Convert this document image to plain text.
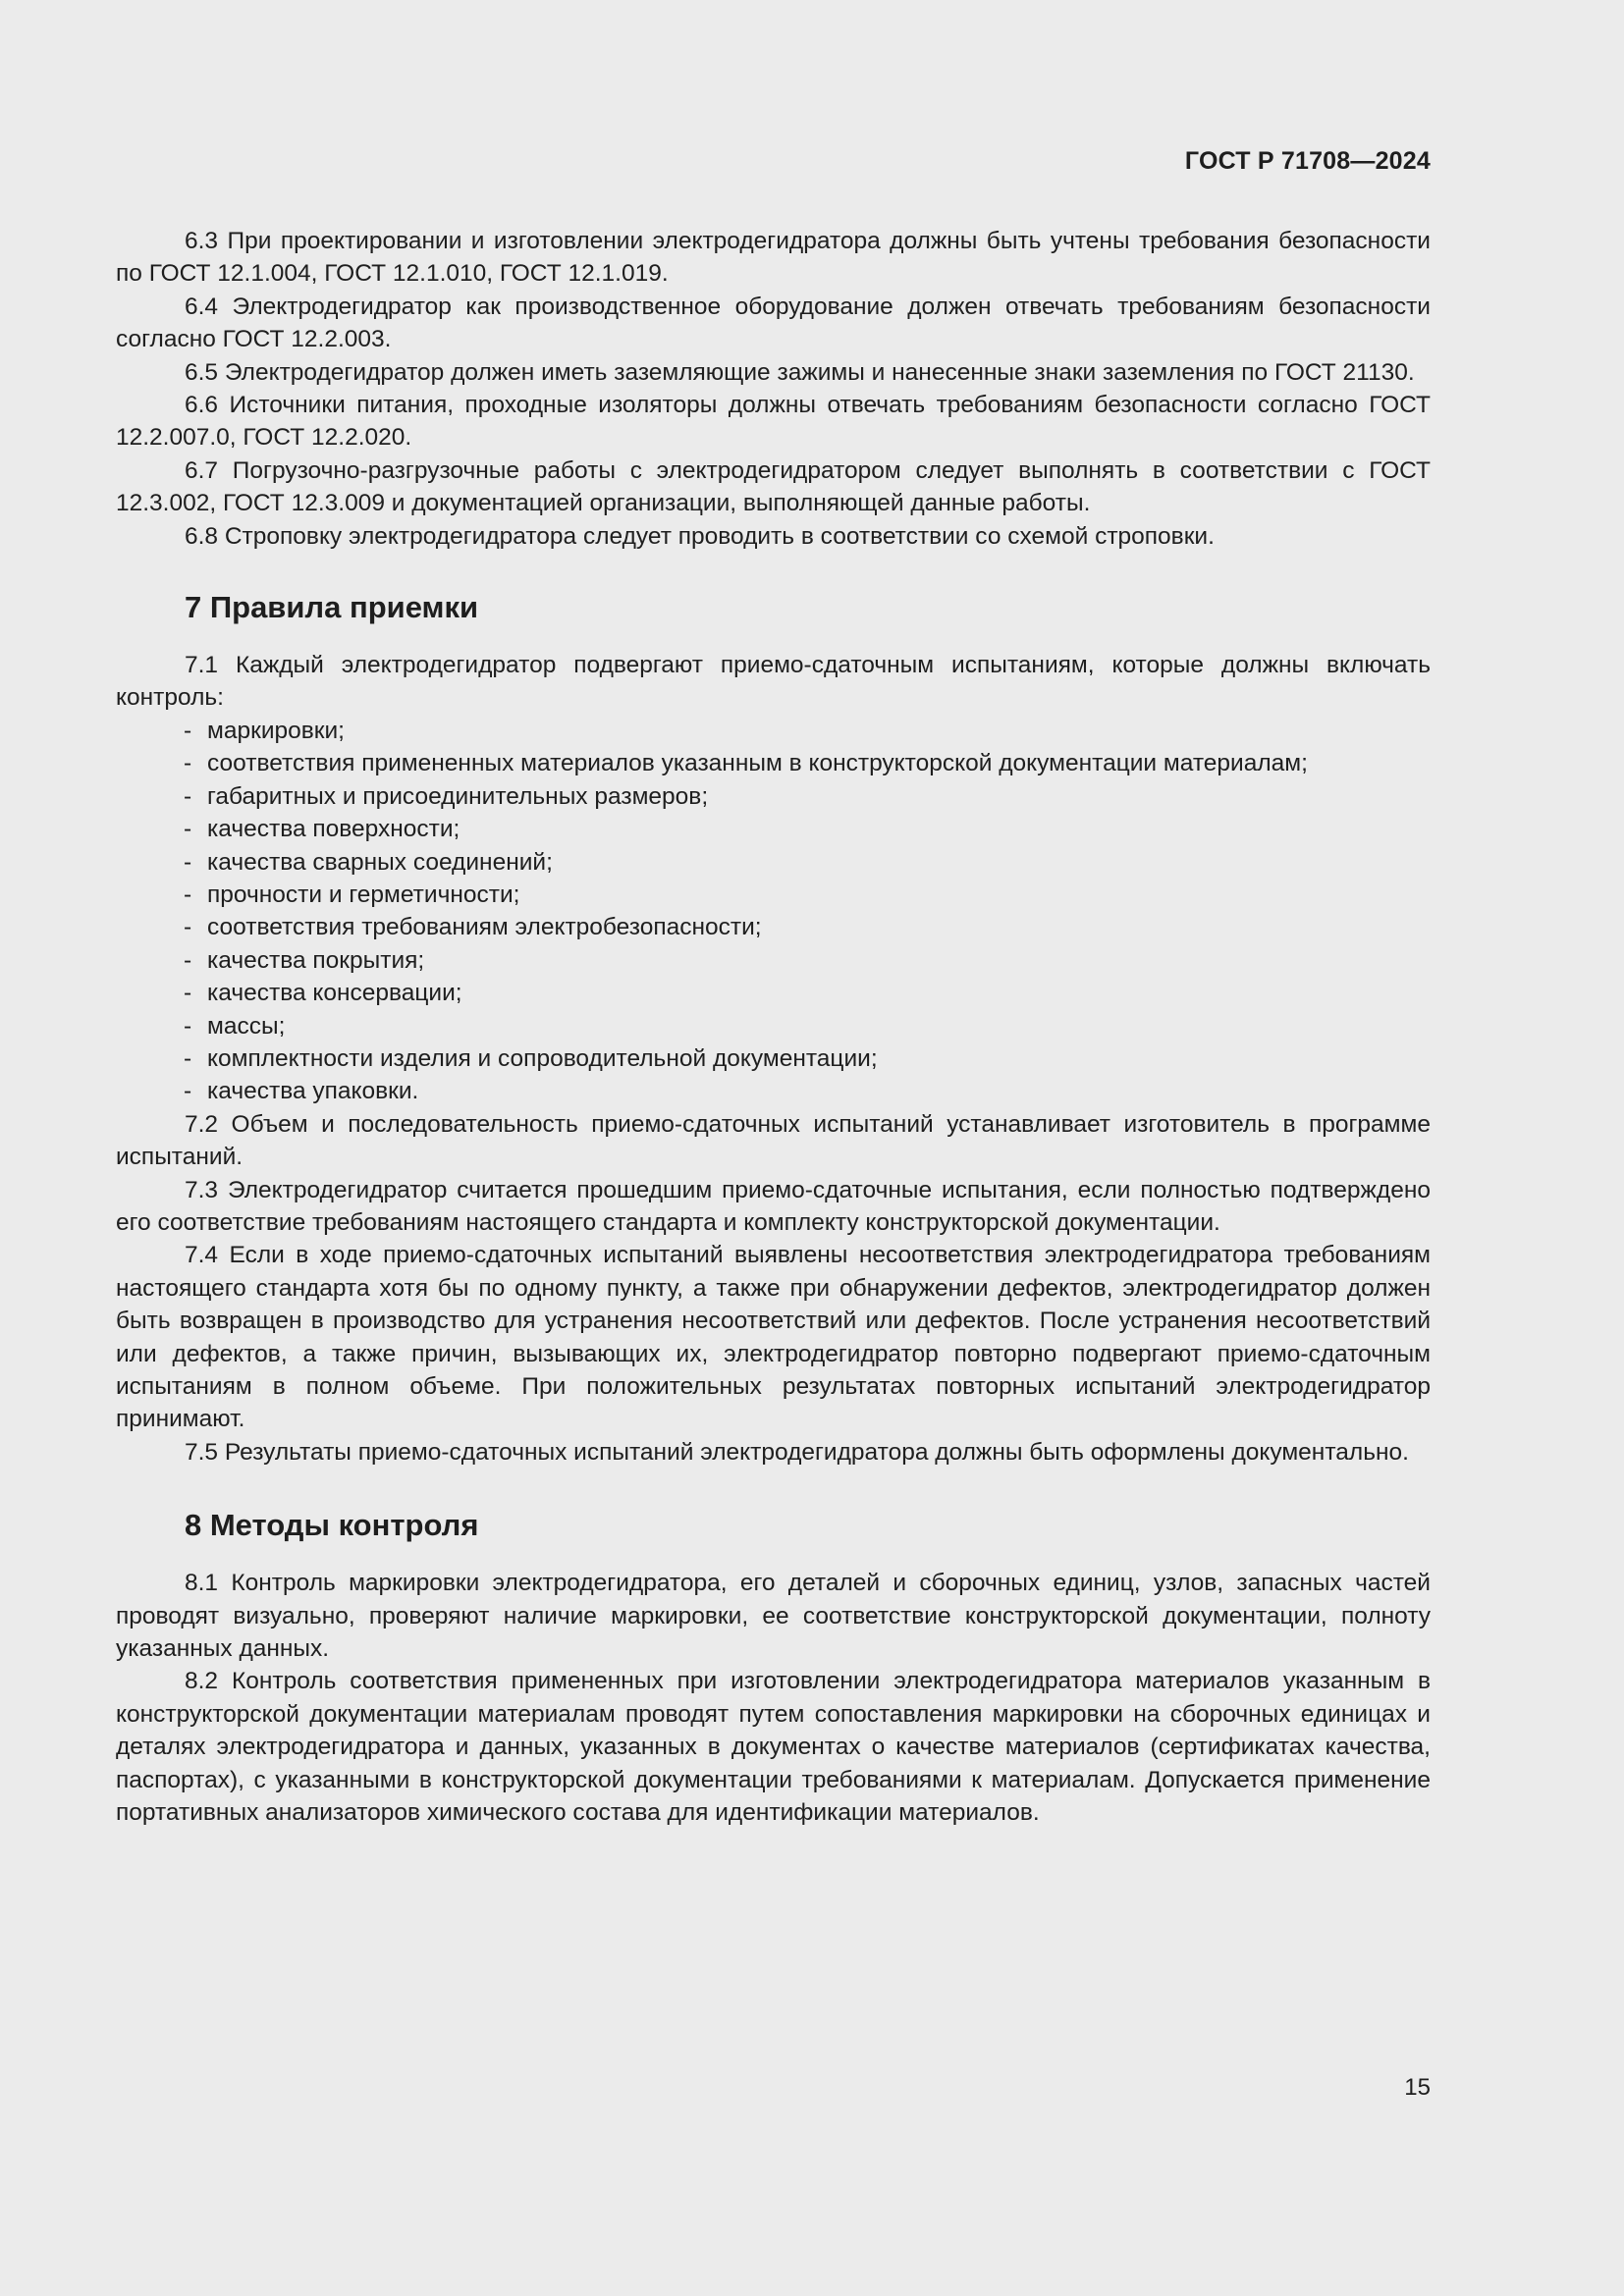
ГОСТ Р 71708—2024

6.3 При проектировании и изготовлении электродегидратора должны быть учтены требования безопасности по ГОСТ 12.1.004, ГОСТ 12.1.010, ГОСТ 12.1.019.

6.4 Электродегидратор как производственное оборудование должен отвечать требованиям безопасности согласно ГОСТ 12.2.003.

6.5 Электродегидратор должен иметь заземляющие зажимы и нанесенные знаки заземления по ГОСТ 21130.

6.6 Источники питания, проходные изоляторы должны отвечать требованиям безопасности согласно ГОСТ 12.2.007.0, ГОСТ 12.2.020.

6.7 Погрузочно-разгрузочные работы с электродегидратором следует выполнять в соответствии с ГОСТ 12.3.002, ГОСТ 12.3.009 и документацией организации, выполняющей данные работы.

6.8 Строповку электродегидратора следует проводить в соответствии со схемой строповки.

7 Правила приемки

7.1 Каждый электродегидратор подвергают приемо-сдаточным испытаниям, которые должны включать контроль:

- маркировки;
- соответствия примененных материалов указанным в конструкторской документации материалам;
- габаритных и присоединительных размеров;
- качества поверхности;
- качества сварных соединений;
- прочности и герметичности;
- соответствия требованиям электробезопасности;
- качества покрытия;
- качества консервации;
- массы;
- комплектности изделия и сопроводительной документации;
- качества упаковки.

7.2 Объем и последовательность приемо-сдаточных испытаний устанавливает изготовитель в программе испытаний.

7.3 Электродегидратор считается прошедшим приемо-сдаточные испытания, если полностью подтверждено его соответствие требованиям настоящего стандарта и комплекту конструкторской документации.

7.4 Если в ходе приемо-сдаточных испытаний выявлены несоответствия электродегидратора требованиям настоящего стандарта хотя бы по одному пункту, а также при обнаружении дефектов, электродегидратор должен быть возвращен в производство для устранения несоответствий или дефектов. После устранения несоответствий или дефектов, а также причин, вызывающих их, электродегидратор повторно подвергают приемо-сдаточным испытаниям в полном объеме. При положительных результатах повторных испытаний электродегидратор принимают.

7.5 Результаты приемо-сдаточных испытаний электродегидратора должны быть оформлены документально.

8 Методы контроля

8.1 Контроль маркировки электродегидратора, его деталей и сборочных единиц, узлов, запасных частей проводят визуально, проверяют наличие маркировки, ее соответствие конструкторской документации, полноту указанных данных.

8.2 Контроль соответствия примененных при изготовлении электродегидратора материалов указанным в конструкторской документации материалам проводят путем сопоставления маркировки на сборочных единицах и деталях электродегидратора и данных, указанных в документах о качестве материалов (сертификатах качества, паспортах), с указанными в конструкторской документации требованиями к материалам. Допускается применение портативных анализаторов химического состава для идентификации материалов.

15
